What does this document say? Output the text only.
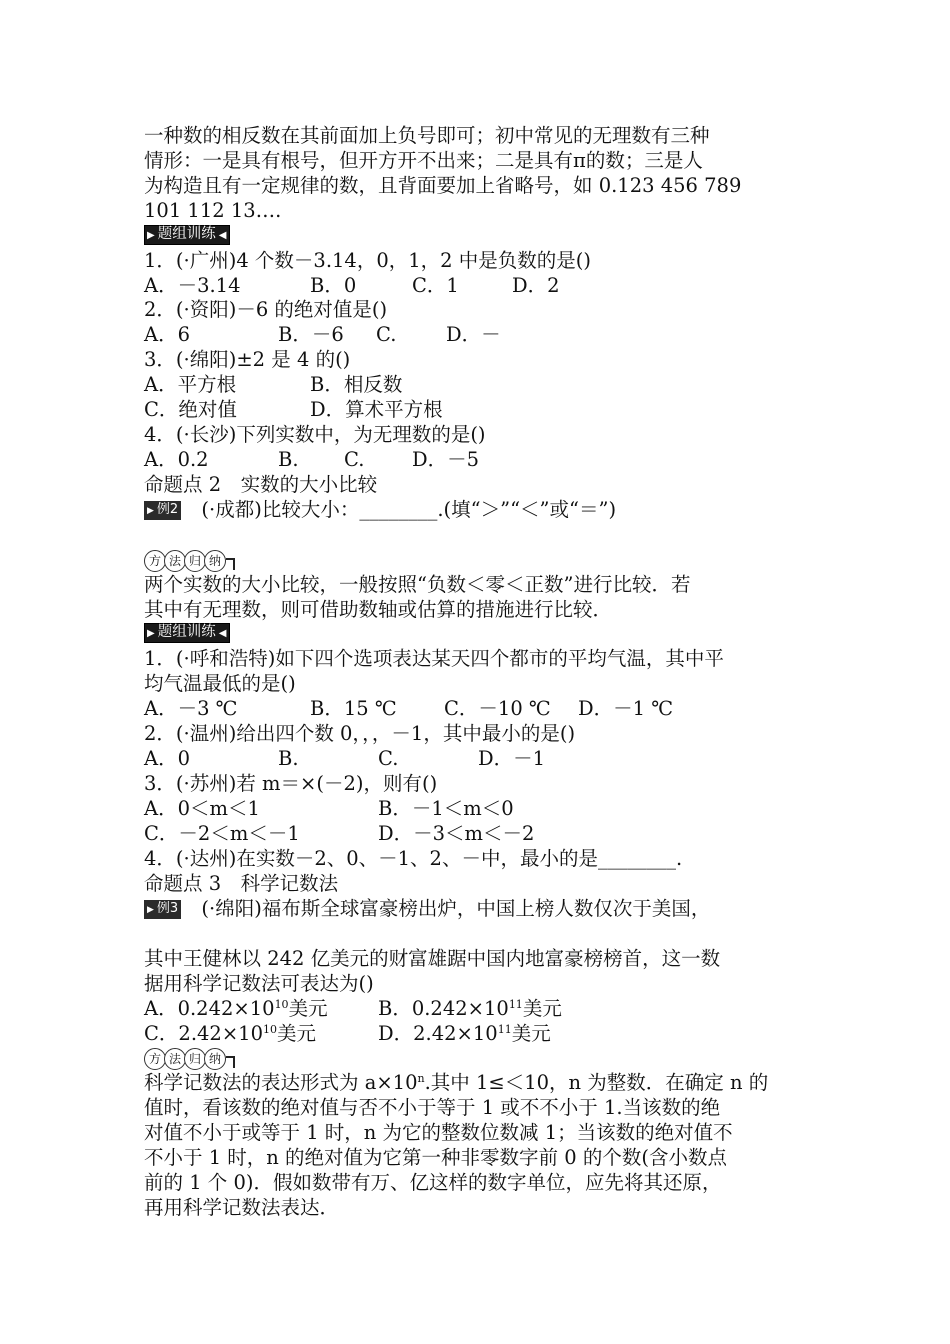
一种数的相反数在其前面加上负号即可；初中常见的无理数有三种
情形：一是具有根号，但开方开不出来；二是具有π的数；三是人
为构造且有一定规律的数，且背面要加上省略号，如 0.123 456 789
101 112 13….
▶ 题组训练 ◀
1．(·广州)4 个数－3.14，0，1，2 中是负数的是()
A．－3.14	B．0	C．1	D．2
2．(·资阳)－6 的绝对值是()
A．6	B．－6 C.	D．－
3．(·绵阳)±2 是 4 的()
A．平方根	B．相反数
C．绝对值	D．算术平方根
4．(·长沙)下列实数中，为无理数的是()
A．0.2	B. C. D．－5
命题点 2　实数的大小比较
▶ 例2 (·成都)比较大小：________.(填“＞”“＜”或“＝”)
方 法 归 纳
两个实数的大小比较，一般按照“负数＜零＜正数”进行比较．若
其中有无理数，则可借助数轴或估算的措施进行比较．
▶ 题组训练 ◀
1．(·呼和浩特)如下四个选项表达某天四个都市的平均气温，其中平
均气温最低的是()
A．－3 ℃	B．15 ℃ C．－10 ℃ D．－1 ℃
2．(·温州)给出四个数 0，，，－1，其中最小的是()
A．0	B.	C.	D．－1
3．(·苏州)若 m＝×(－2)，则有()
A．0＜m＜1	B．－1＜m＜0
C．－2＜m＜－1	D．－3＜m＜－2
4．(·达州)在实数－2、0、－1、2、－中，最小的是________.
命题点 3　科学记数法
▶ 例3 (·绵阳)福布斯全球富豪榜出炉，中国上榜人数仅次于美国，
其中王健林以 242 亿美元的财富雄踞中国内地富豪榜榜首，这一数
据用科学记数法可表达为()
A．$0.242\times 10^{10}$美元	B．$0.242\times 10^{11}$美元
C．$2.42\times 10^{10}$美元	D．$2.42\times 10^{11}$美元
方 法 归 纳
科学记数法的表达形式为 $a\times 10^n$.其中 1≤＜10，n 为整数．在确定 n 的
值时，看该数的绝对值与否不小于等于 1 或不不小于 1.当该数的绝
对值不小于或等于 1 时，n 为它的整数位数减 1；当该数的绝对值不
不小于 1 时，n 的绝对值为它第一种非零数字前 0 的个数(含小数点
前的 1 个 0)．假如数带有万、亿这样的数字单位，应先将其还原，
再用科学记数法表达．
